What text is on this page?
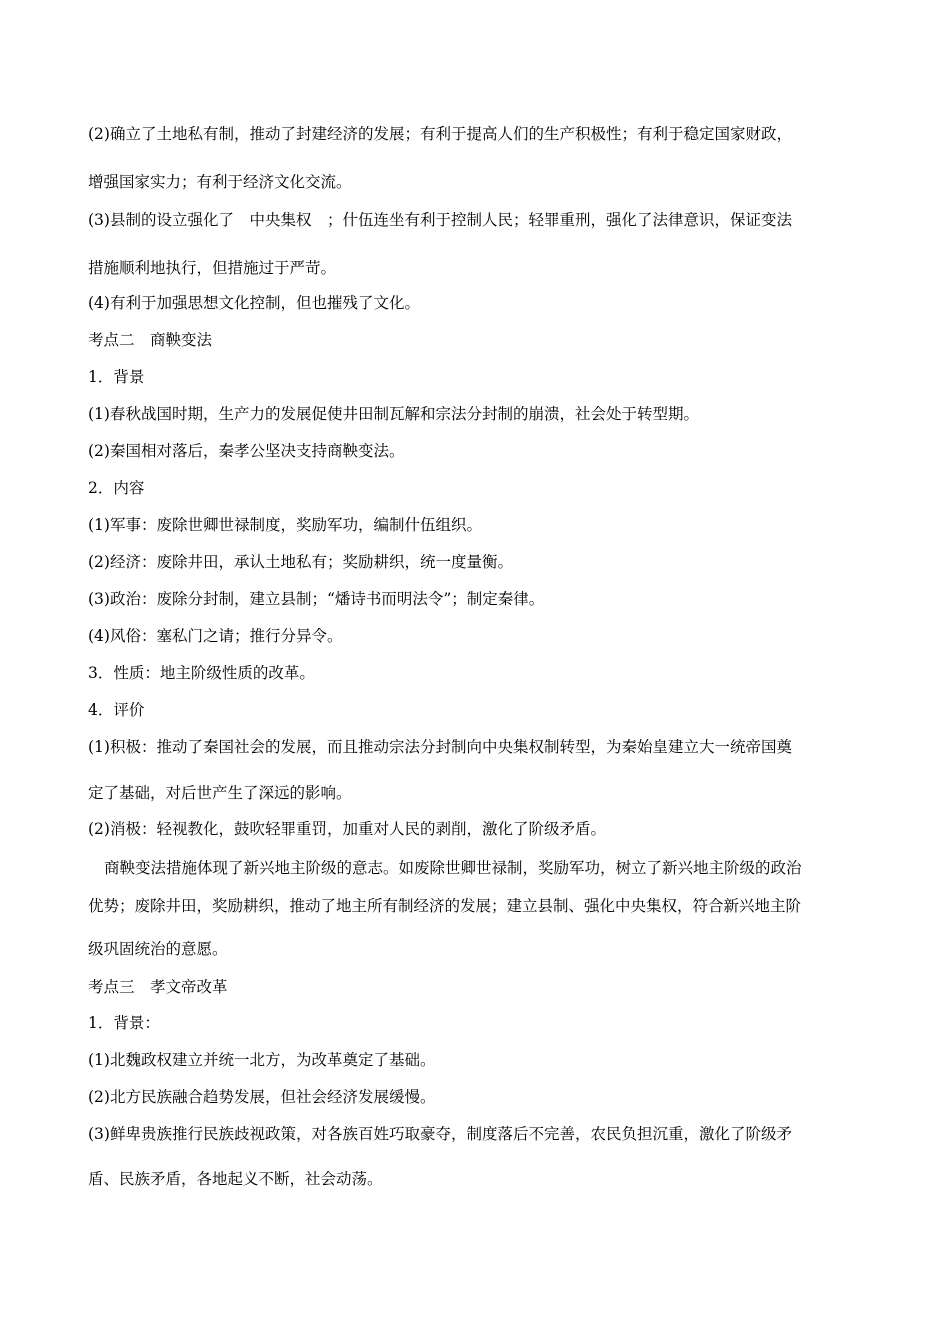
(2)确立了土地私有制，推动了封建经济的发展；有利于提高人们的生产积极性；有利于稳定国家财政，

增强国家实力；有利于经济文化交流。

(3)县制的设立强化了　中央集权　；什伍连坐有利于控制人民；轻罪重刑，强化了法律意识，保证变法

措施顺利地执行，但措施过于严苛。

(4)有利于加强思想文化控制，但也摧残了文化。

考点二　商鞅变法

1．背景

(1)春秋战国时期，生产力的发展促使井田制瓦解和宗法分封制的崩溃，社会处于转型期。

(2)秦国相对落后，秦孝公坚决支持商鞅变法。

2．内容

(1)军事：废除世卿世禄制度，奖励军功，编制什伍组织。

(2)经济：废除井田，承认土地私有；奖励耕织，统一度量衡。

(3)政治：废除分封制，建立县制；“燔诗书而明法令”；制定秦律。

(4)风俗：塞私门之请；推行分异令。

3．性质：地主阶级性质的改革。

4．评价

(1)积极：推动了秦国社会的发展，而且推动宗法分封制向中央集权制转型，为秦始皇建立大一统帝国奠

定了基础，对后世产生了深远的影响。

(2)消极：轻视教化，鼓吹轻罪重罚，加重对人民的剥削，激化了阶级矛盾。

商鞅变法措施体现了新兴地主阶级的意志。如废除世卿世禄制，奖励军功，树立了新兴地主阶级的政治

优势；废除井田，奖励耕织，推动了地主所有制经济的发展；建立县制、强化中央集权，符合新兴地主阶

级巩固统治的意愿。

考点三　孝文帝改革

1．背景：

(1)北魏政权建立并统一北方，为改革奠定了基础。

(2)北方民族融合趋势发展，但社会经济发展缓慢。

(3)鲜卑贵族推行民族歧视政策，对各族百姓巧取豪夺，制度落后不完善，农民负担沉重，激化了阶级矛

盾、民族矛盾，各地起义不断，社会动荡。
